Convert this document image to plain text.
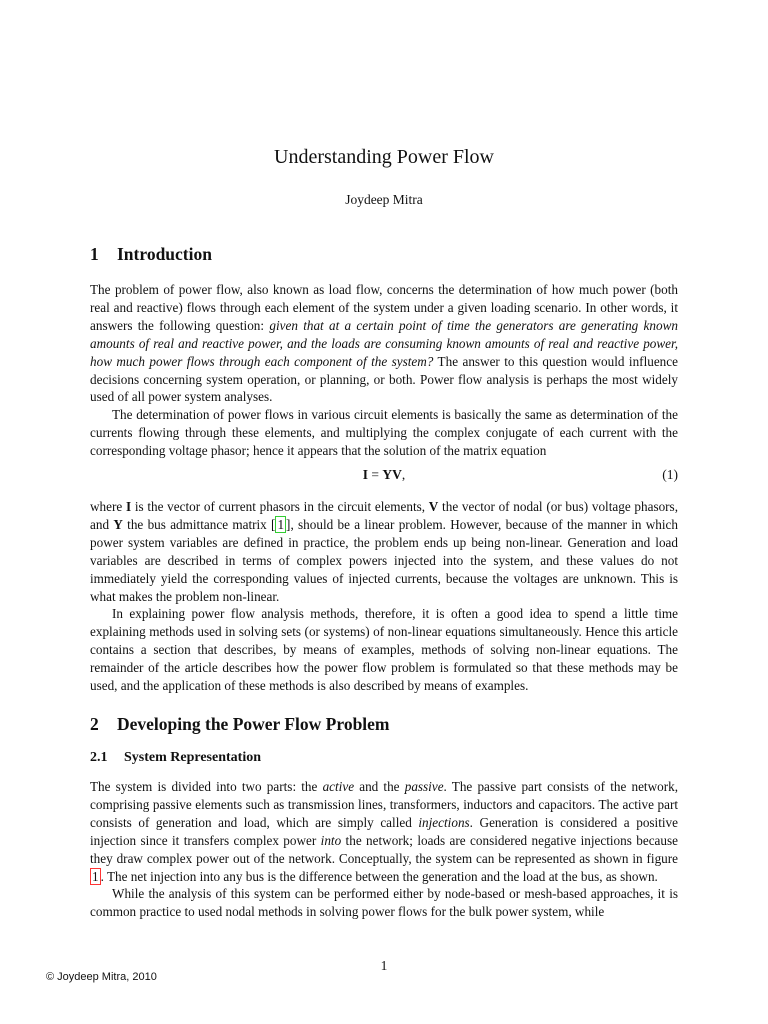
Understanding Power Flow
Joydeep Mitra
1 Introduction

The problem of power flow, also known as load flow, concerns the determination of how much power (both real and reactive) flows through each element of the system under a given loading scenario. In other words, it answers the following question: given that at a certain point of time the generators are generating known amounts of real and reactive power, and the loads are consuming known amounts of real and reactive power, how much power flows through each component of the system? The answer to this question would influence decisions concerning system operation, or planning, or both. Power flow analysis is perhaps the most widely used of all power system analyses.

The determination of power flows in various circuit elements is basically the same as determination of the currents flowing through these elements, and multiplying the complex conjugate of each current with the corresponding voltage phasor; hence it appears that the solution of the matrix equation

I = YV,	(1)

where I is the vector of current phasors in the circuit elements, V the vector of nodal (or bus) voltage phasors, and Y the bus admittance matrix [ 1 ], should be a linear problem. However, because of the manner in which power system variables are defined in practice, the problem ends up being non-linear. Generation and load variables are described in terms of complex powers injected into the system, and these values do not immediately yield the corresponding values of injected currents, because the voltages are unknown. This is what makes the problem non-linear.

In explaining power flow analysis methods, therefore, it is often a good idea to spend a little time explaining methods used in solving sets (or systems) of non-linear equations simultaneously. Hence this article contains a section that describes, by means of examples, methods of solving non-linear equations. The remainder of the article describes how the power flow problem is formulated so that these methods may be used, and the application of these methods is also described by means of examples.

2 Developing the Power Flow Problem
2.1 System Representation

The system is divided into two parts: the active and the passive. The passive part consists of the network, comprising passive elements such as transmission lines, transformers, inductors and capacitors. The active part consists of generation and load, which are simply called injections. Generation is considered a positive injection since it transfers complex power into the network; loads are considered negative injections because they draw complex power out of the network. Conceptually, the system can be represented as shown in figure 1 . The net injection into any bus is the difference between the generation and the load at the bus, as shown.

While the analysis of this system can be performed either by node-based or mesh-based approaches, it is common practice to used nodal methods in solving power flows for the bulk power system, while

1
© Joydeep Mitra, 2010
